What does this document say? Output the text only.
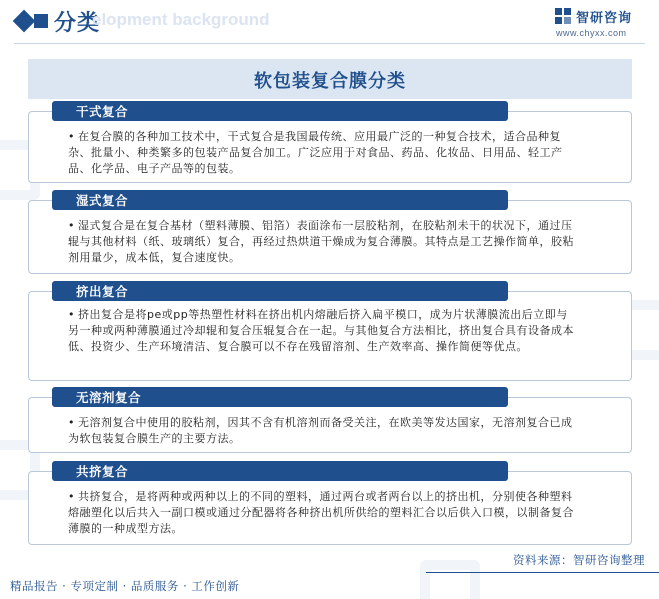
分类
elopment background	智研咨询
www.chyxx.com
软包装复合膜分类
干式复合
• 在复合膜的各种加工技术中，干式复合是我国最传统、应用最广泛的一种复合技术，适合品种复杂、批量小、种类繁多的包装产品复合加工。广泛应用于对食品、药品、化妆品、日用品、轻工产品、化学品、电子产品等的包装。
湿式复合
• 湿式复合是在复合基材（塑料薄膜、铝箔）表面涂布一层胶粘剂，在胶粘剂未干的状况下，通过压辊与其他材料（纸、玻璃纸）复合，再经过热烘道干燥成为复合薄膜。其特点是工艺操作简单，胶粘剂用量少，成本低，复合速度快。
挤出复合
• 挤出复合是将pe或pp等热塑性材料在挤出机内熔融后挤入扁平模口，成为片状薄膜流出后立即与另一种或两种薄膜通过冷却辊和复合压辊复合在一起。与其他复合方法相比，挤出复合具有设备成本低、投资少、生产环境清洁、复合膜可以不存在残留溶剂、生产效率高、操作简便等优点。
无溶剂复合
• 无溶剂复合中使用的胶粘剂，因其不含有机溶剂而备受关注，在欧美等发达国家，无溶剂复合已成为软包装复合膜生产的主要方法。
共挤复合
• 共挤复合，是将两种或两种以上的不同的塑料，通过两台或者两台以上的挤出机，分别使各种塑料熔融塑化以后共入一副口模或通过分配器将各种挤出机所供给的塑料汇合以后供入口模，以制备复合薄膜的一种成型方法。
资料来源：智研咨询整理
精品报告 · 专项定制 · 品质服务 · 工作创新
